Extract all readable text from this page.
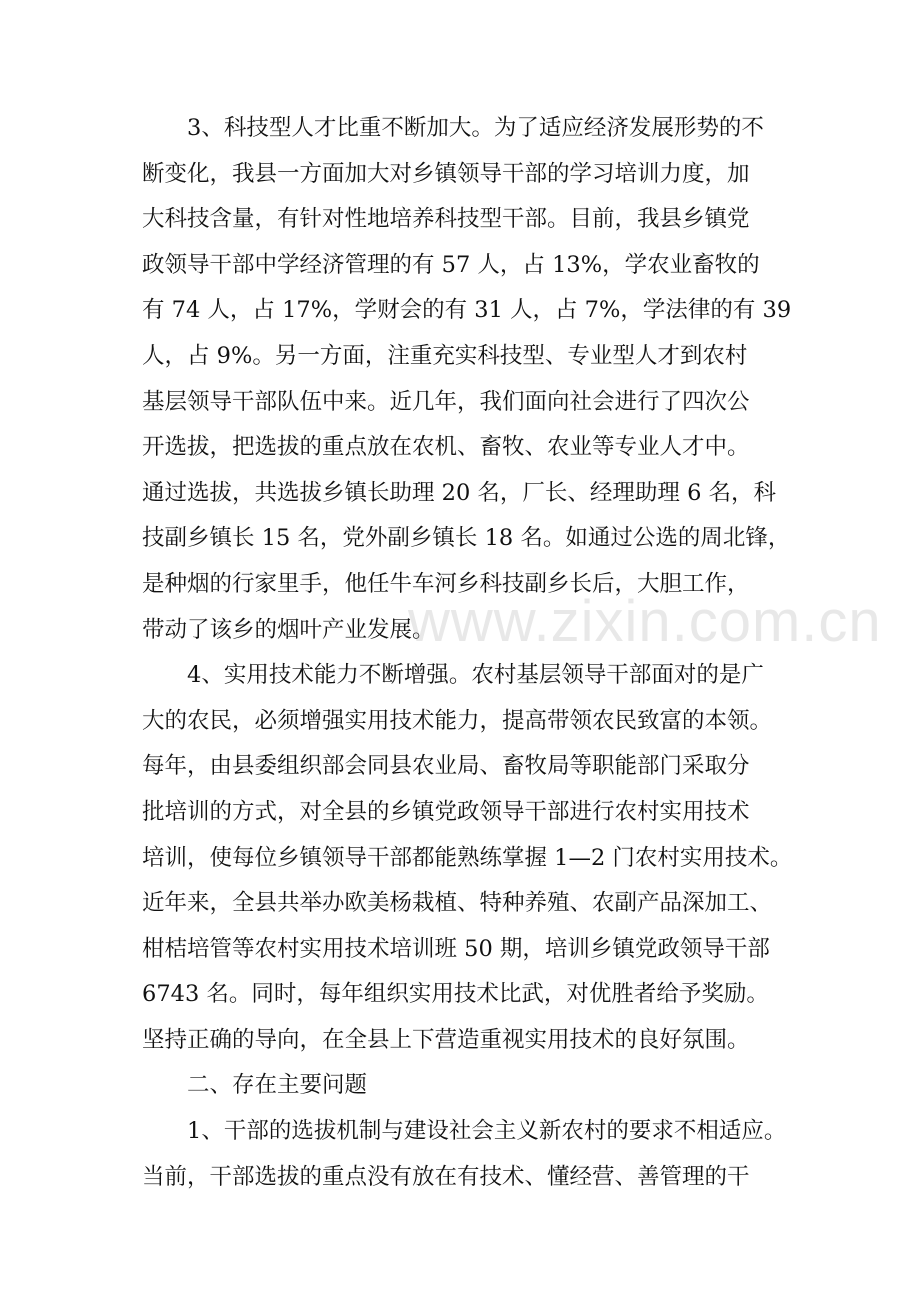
3、科技型人才比重不断加大。为了适应经济发展形势的不
断变化，我县一方面加大对乡镇领导干部的学习培训力度，加
大科技含量，有针对性地培养科技型干部。目前，我县乡镇党
政领导干部中学经济管理的有 57 人，占 13%，学农业畜牧的
有 74 人，占 17%，学财会的有 31 人，占 7%，学法律的有 39
人，占 9%。另一方面，注重充实科技型、专业型人才到农村
基层领导干部队伍中来。近几年，我们面向社会进行了四次公
开选拔，把选拔的重点放在农机、畜牧、农业等专业人才中。
通过选拔，共选拔乡镇长助理 20 名，厂长、经理助理 6 名，科
技副乡镇长 15 名，党外副乡镇长 18 名。如通过公选的周北锋，
是种烟的行家里手，他任牛车河乡科技副乡长后，大胆工作，
带动了该乡的烟叶产业发展。
4、实用技术能力不断增强。农村基层领导干部面对的是广
大的农民，必须增强实用技术能力，提高带领农民致富的本领。
每年，由县委组织部会同县农业局、畜牧局等职能部门采取分
批培训的方式，对全县的乡镇党政领导干部进行农村实用技术
培训，使每位乡镇领导干部都能熟练掌握 1—2 门农村实用技术。
近年来，全县共举办欧美杨栽植、特种养殖、农副产品深加工、
柑桔培管等农村实用技术培训班 50 期，培训乡镇党政领导干部
6743 名。同时，每年组织实用技术比武，对优胜者给予奖励。
坚持正确的导向，在全县上下营造重视实用技术的良好氛围。
二、存在主要问题
1、干部的选拔机制与建设社会主义新农村的要求不相适应。
当前，干部选拔的重点没有放在有技术、懂经营、善管理的干
www.zixin.com.cn
